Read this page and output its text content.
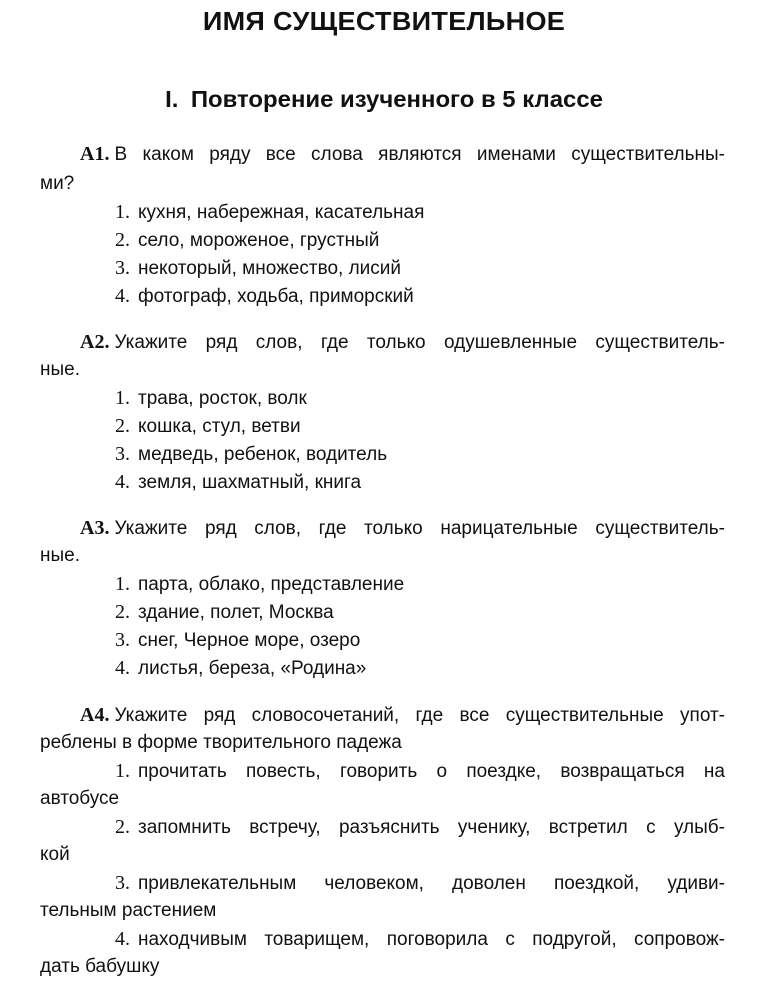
ИМЯ СУЩЕСТВИТЕЛЬНОЕ
I. Повторение изученного в 5 классе
А1. В каком ряду все слова являются именами существительны-
ми?
1. кухня, набережная, касательная
2. село, мороженое, грустный
3. некоторый, множество, лисий
4. фотограф, ходьба, приморский
А2. Укажите ряд слов, где только одушевленные существитель-
ные.
1. трава, росток, волк
2. кошка, стул, ветви
3. медведь, ребенок, водитель
4. земля, шахматный, книга
А3. Укажите ряд слов, где только нарицательные существитель-
ные.
1. парта, облако, представление
2. здание, полет, Москва
3. снег, Черное море, озеро
4. листья, береза, «Родина»
А4. Укажите ряд словосочетаний, где все существительные упот-
реблены в форме творительного падежа
1. прочитать повесть, говорить о поездке, возвращаться на
автобусе
2. запомнить встречу, разъяснить ученику, встретил с улыб-
кой
3. привлекательным человеком, доволен поездкой, удиви-
тельным растением
4. находчивым товарищем, поговорила с подругой, сопровож-
дать бабушку
